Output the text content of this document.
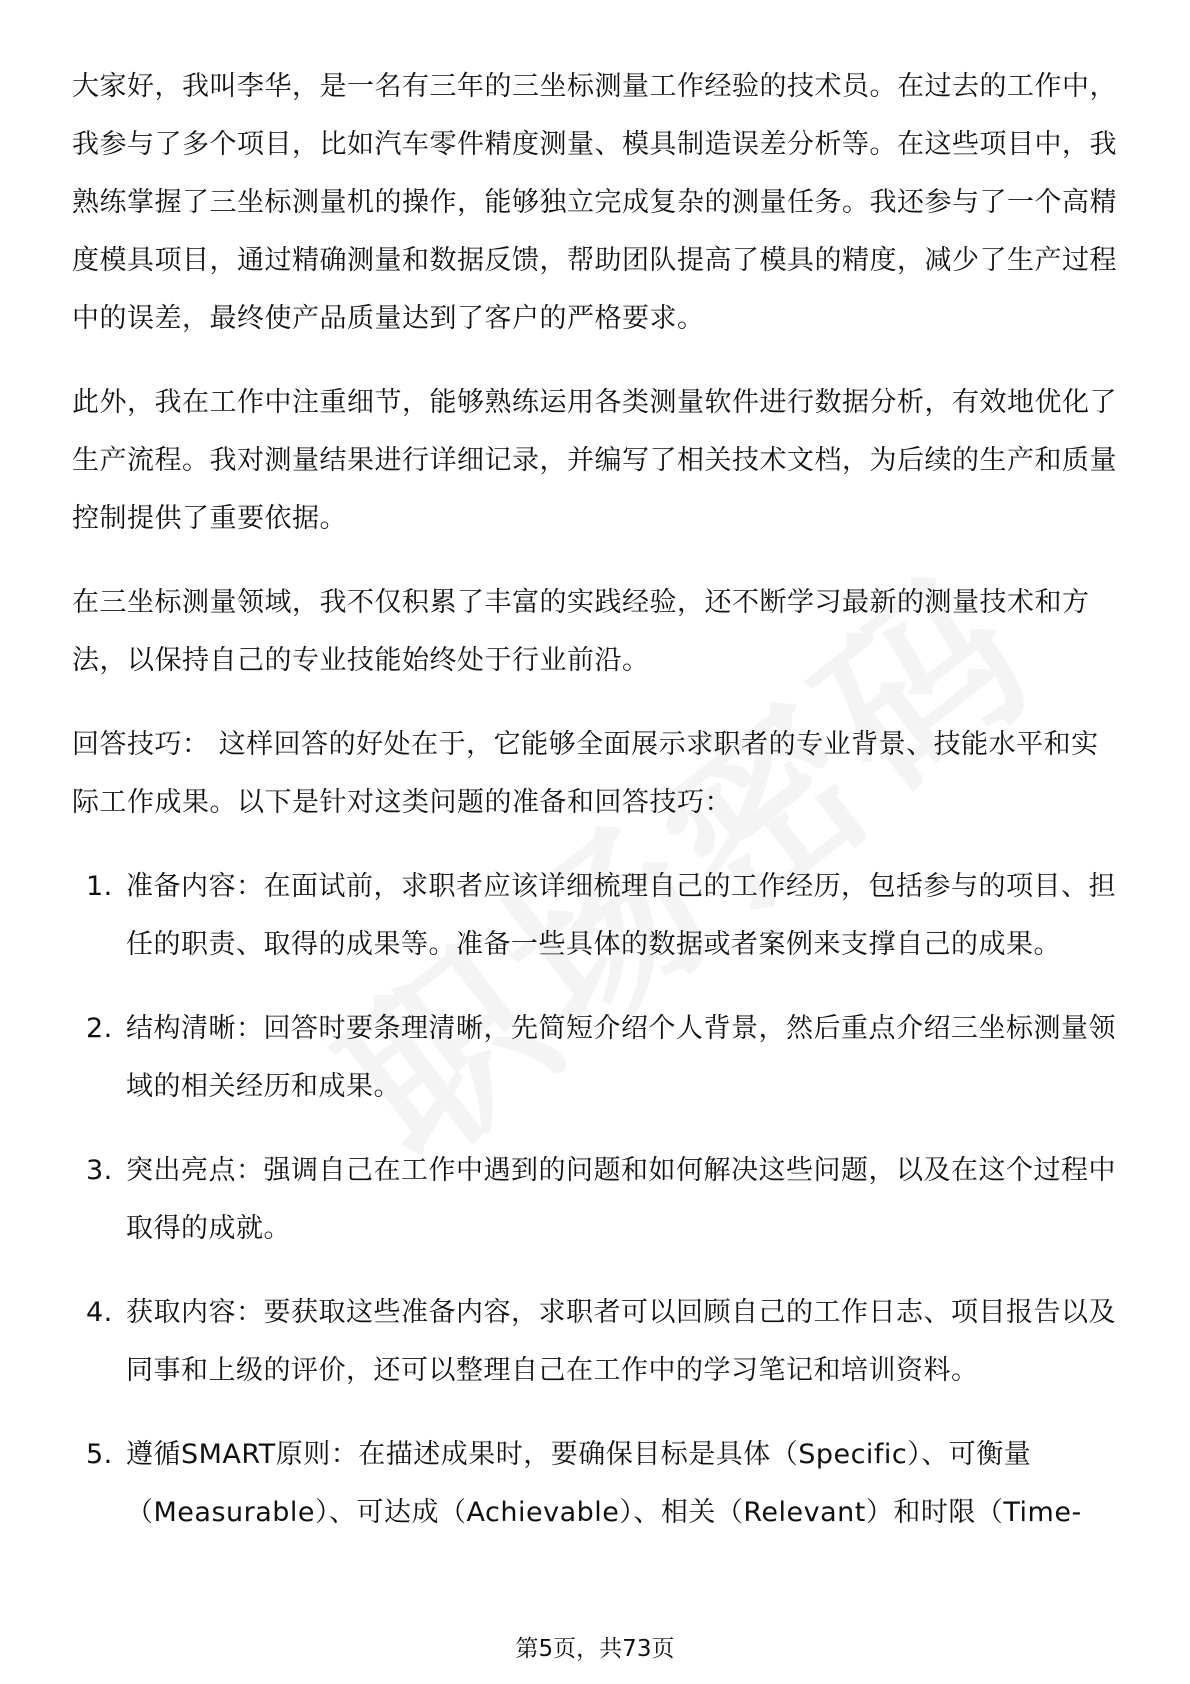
大家好，我叫李华，是一名有三年的三坐标测量工作经验的技术员。在过去的工作中，我参与了多个项目，比如汽车零件精度测量、模具制造误差分析等。在这些项目中，我熟练掌握了三坐标测量机的操作，能够独立完成复杂的测量任务。我还参与了一个高精度模具项目，通过精确测量和数据反馈，帮助团队提高了模具的精度，减少了生产过程中的误差，最终使产品质量达到了客户的严格要求。

此外，我在工作中注重细节，能够熟练运用各类测量软件进行数据分析，有效地优化了生产流程。我对测量结果进行详细记录，并编写了相关技术文档，为后续的生产和质量控制提供了重要依据。

在三坐标测量领域，我不仅积累了丰富的实践经验，还不断学习最新的测量技术和方法，以保持自己的专业技能始终处于行业前沿。

回答技巧： 这样回答的好处在于，它能够全面展示求职者的专业背景、技能水平和实际工作成果。以下是针对这类问题的准备和回答技巧：

1. 准备内容：在面试前，求职者应该详细梳理自己的工作经历，包括参与的项目、担任的职责、取得的成果等。准备一些具体的数据或者案例来支撑自己的成果。
2. 结构清晰：回答时要条理清晰，先简短介绍个人背景，然后重点介绍三坐标测量领域的相关经历和成果。
3. 突出亮点：强调自己在工作中遇到的问题和如何解决这些问题，以及在这个过程中取得的成就。
4. 获取内容：要获取这些准备内容，求职者可以回顾自己的工作日志、项目报告以及同事和上级的评价，还可以整理自己在工作中的学习笔记和培训资料。
5. 遵循SMART原则：在描述成果时，要确保目标是具体（Specific）、可衡量（Measurable）、可达成（Achievable）、相关（Relevant）和时限（Time-
第5页，共73页
